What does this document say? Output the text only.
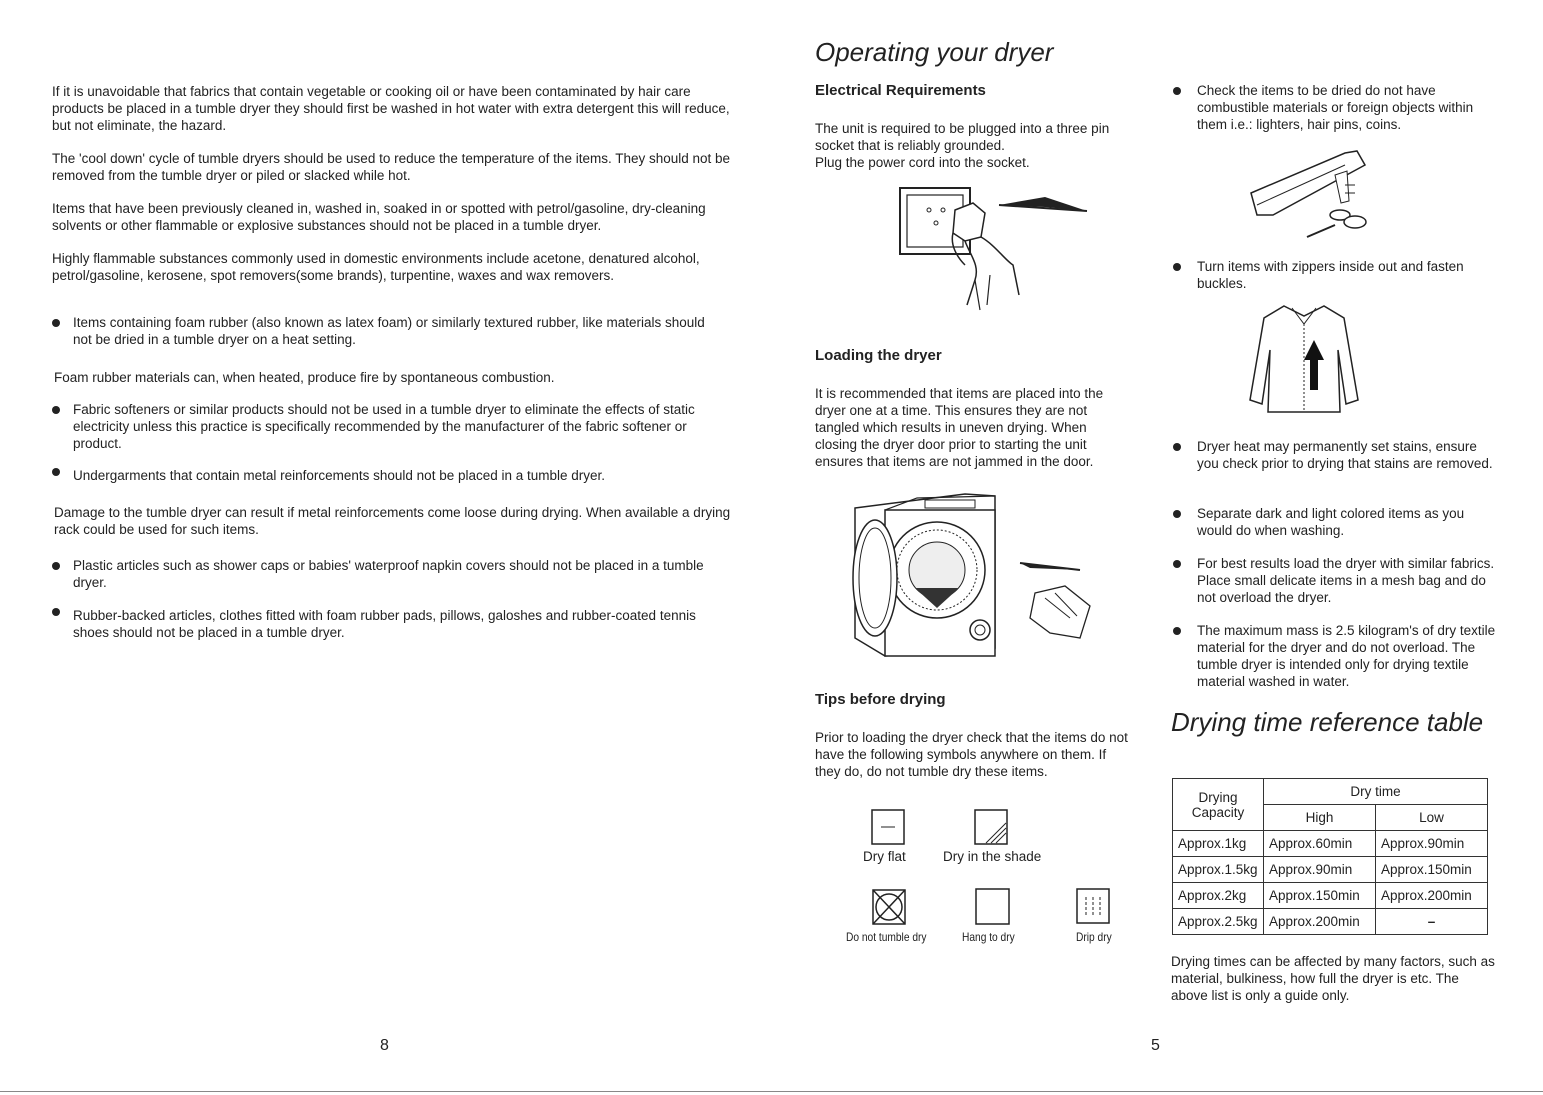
If it is unavoidable that fabrics that contain vegetable or cooking oil or have been contaminated by hair care products be placed in a tumble dryer they should first be washed in hot water with extra detergent this will reduce, but not eliminate, the hazard.

The 'cool down' cycle of tumble dryers should be used to reduce the temperature of the items. They should not be removed from the tumble dryer or piled or slacked while hot.

Items that have been previously cleaned in, washed in, soaked in or spotted with petrol/gasoline, dry-cleaning solvents or other flammable or explosive substances should not be placed in a tumble dryer.

Highly flammable substances commonly used in domestic environments include acetone, denatured alcohol, petrol/gasoline, kerosene, spot removers(some brands), turpentine, waxes and wax removers.

Items containing foam rubber (also known as latex foam) or similarly textured rubber, like materials should not be dried in a tumble dryer on a heat setting.

Foam rubber materials can, when heated, produce fire by spontaneous combustion.

Fabric softeners or similar products should not be used in a tumble dryer to eliminate the effects of static electricity unless this practice is specifically recommended by the manufacturer of the fabric softener or product.
Undergarments that contain metal reinforcements should not be placed in a tumble dryer.

Damage to the tumble dryer can result if metal reinforcements come loose during drying. When available a drying rack could be used for such items.

Plastic articles such as shower caps or babies' waterproof napkin covers should not be placed in a tumble dryer.
Rubber-backed articles, clothes fitted with foam rubber pads, pillows, galoshes and rubber-coated tennis shoes should not be placed in a tumble dryer.
8
Operating your dryer
Electrical Requirements

The unit is required to be plugged into a three pin socket that is reliably grounded.

Plug the power cord into the socket.

Loading the dryer

It is recommended that items are placed into the dryer one at a time. This ensures they are not tangled which results in uneven drying. When closing the dryer door prior to starting the unit ensures that items are not jammed in the door.

Tips before drying

Prior to loading the dryer check that the items do not have the following symbols anywhere on them. If they do, do not tumble dry these items.

Dry flat	Dry in the shade
Do not tumble dry	Hang to dry	Drip dry
Check the items to be dried do not have combustible materials or foreign objects within them i.e.: lighters, hair pins, coins.
Turn items with zippers inside out and fasten buckles.
Dryer heat may permanently set stains, ensure you check prior to drying that stains are removed.
Separate dark and light colored items as you would do when washing.
For best results load the dryer with similar fabrics. Place small delicate items in a mesh bag and do not overload the dryer.
The maximum mass is 2.5 kilogram's of dry textile material for the dryer and do not overload. The tumble dryer is intended only for drying textile material washed in water.
Drying time reference table
Drying Capacity	Dry time	
	High	Low
Approx.1kg	Approx.60min	Approx.90min
Approx.1.5kg	Approx.90min	Approx.150min
Approx.2kg	Approx.150min	Approx.200min
Approx.2.5kg	Approx.200min	–

Drying times can be affected by many factors, such as material, bulkiness, how full the dryer is etc. The above list is only a guide only.

5
